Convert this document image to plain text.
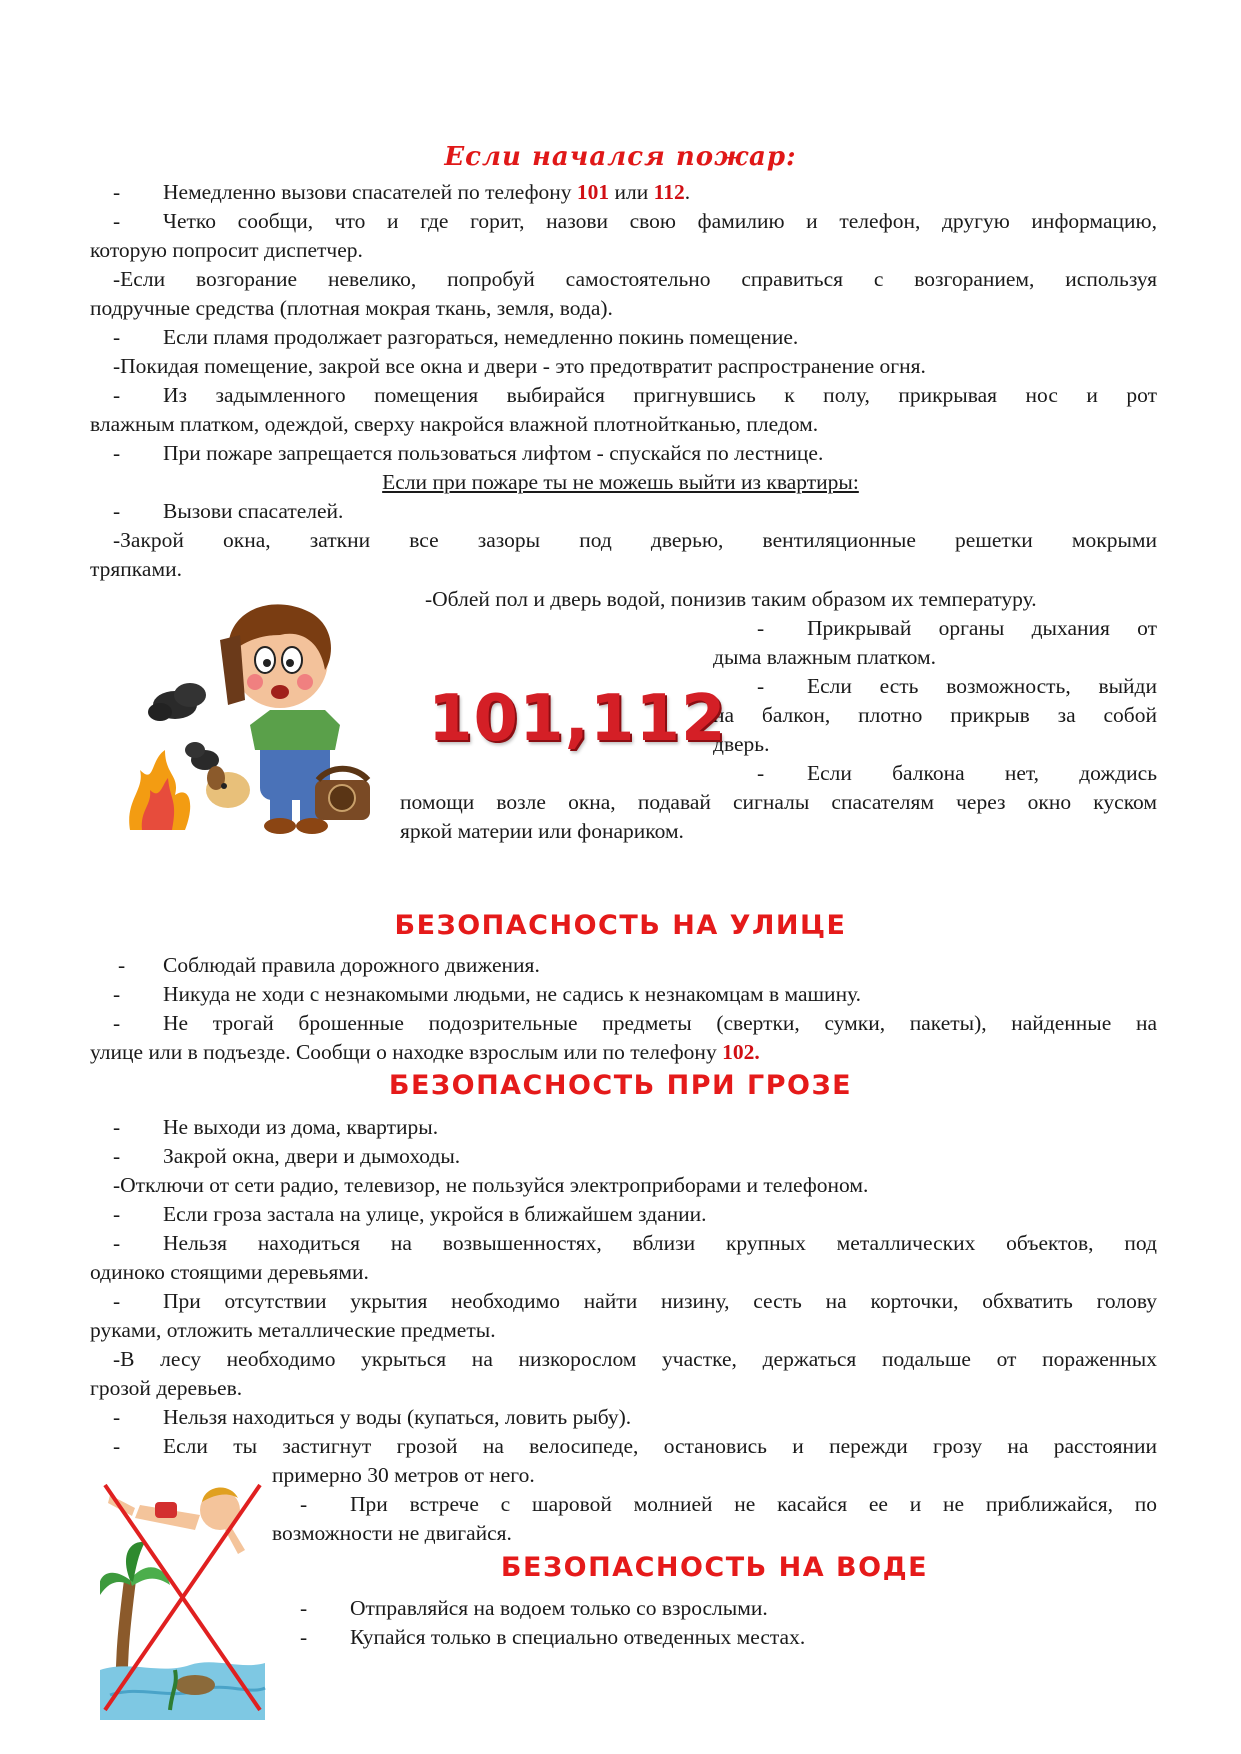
Если начался пожар:
- Немедленно вызови спасателей по телефону 101 или 112.
- Четко сообщи, что и где горит, назови свою фамилию и телефон, другую информацию,
которую попросит диспетчер.
-Если возгорание невелико, попробуй самостоятельно справиться с возгоранием, используя
подручные средства (плотная мокрая ткань, земля, вода).
- Если пламя продолжает разгораться, немедленно покинь помещение.
-Покидая помещение, закрой все окна и двери - это предотвратит распространение огня.
- Из задымленного помещения выбирайся пригнувшись к полу, прикрывая нос и рот
влажным платком, одеждой, сверху накройся влажной плотнойтканью, пледом.
- При пожаре запрещается пользоваться лифтом - спускайся по лестнице.
Если при пожаре ты не можешь выйти из квартиры:
- Вызови спасателей.
-Закрой окна, заткни все зазоры под дверью, вентиляционные решетки мокрыми
тряпками.
-Облей пол и дверь водой, понизив таким образом их температуру.
- Прикрывай органы дыхания от
дыма влажным платком.
- Если есть возможность, выйди
на балкон, плотно прикрыв за собой
дверь.
- Если балкона нет, дождись
помощи возле окна, подавай сигналы спасателям через окно куском
яркой материи или фонариком.
101,112
БЕЗОПАСНОСТЬ НА УЛИЦЕ
- Соблюдай правила дорожного движения.
- Никуда не ходи с незнакомыми людьми, не садись к незнакомцам в машину.
- Не трогай брошенные подозрительные предметы (свертки, сумки, пакеты), найденные на
улице или в подъезде. Сообщи о находке взрослым или по телефону 102.
БЕЗОПАСНОСТЬ ПРИ ГРОЗЕ
- Не выходи из дома, квартиры.
- Закрой окна, двери и дымоходы.
-Отключи от сети радио, телевизор, не пользуйся электроприборами и телефоном.
- Если гроза застала на улице, укройся в ближайшем здании.
- Нельзя находиться на возвышенностях, вблизи крупных металлических объектов, под
одиноко стоящими деревьями.
- При отсутствии укрытия необходимо найти низину, сесть на корточки, обхватить голову
руками, отложить металлические предметы.
-В лесу необходимо укрыться на низкорослом участке, держаться подальше от пораженных
грозой деревьев.
- Нельзя находиться у воды (купаться, ловить рыбу).
- Если ты застигнут грозой на велосипеде, остановись и пережди грозу на расстоянии
примерно 30 метров от него.
- При встрече с шаровой молнией не касайся ее и не приближайся, по
возможности не двигайся.
БЕЗОПАСНОСТЬ НА ВОДЕ
- Отправляйся на водоем только со взрослыми.
- Купайся только в специально отведенных местах.
